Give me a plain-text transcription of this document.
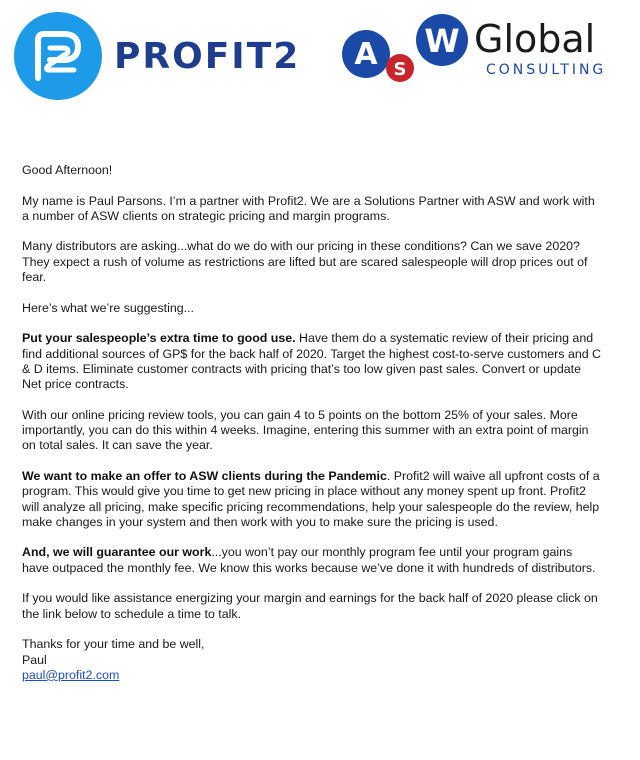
PROFIT2 A S
W Global
CONSULTING

Good Afternoon!

My name is Paul Parsons. I’m a partner with Profit2. We are a Solutions Partner with ASW and work with a number of ASW clients on strategic pricing and margin programs.

Many distributors are asking...what do we do with our pricing in these conditions? Can we save 2020? They expect a rush of volume as restrictions are lifted but are scared salespeople will drop prices out of fear.

Here’s what we’re suggesting...

Put your salespeople’s extra time to good use. Have them do a systematic review of their pricing and find additional sources of GP$ for the back half of 2020. Target the highest cost-to-serve customers and C & D items. Eliminate customer contracts with pricing that’s too low given past sales. Convert or update Net price contracts.

With our online pricing review tools, you can gain 4 to 5 points on the bottom 25% of your sales. More importantly, you can do this within 4 weeks. Imagine, entering this summer with an extra point of margin on total sales. It can save the year.

We want to make an offer to ASW clients during the Pandemic. Profit2 will waive all upfront costs of a program. This would give you time to get new pricing in place without any money spent up front. Profit2 will analyze all pricing, make specific pricing recommendations, help your salespeople do the review, help make changes in your system and then work with you to make sure the pricing is used.

And, we will guarantee our work...you won’t pay our monthly program fee until your program gains have outpaced the monthly fee. We know this works because we’ve done it with hundreds of distributors.

If you would like assistance energizing your margin and earnings for the back half of 2020 please click on the link below to schedule a time to talk.

Thanks for your time and be well,
Paul
paul@profit2.com
